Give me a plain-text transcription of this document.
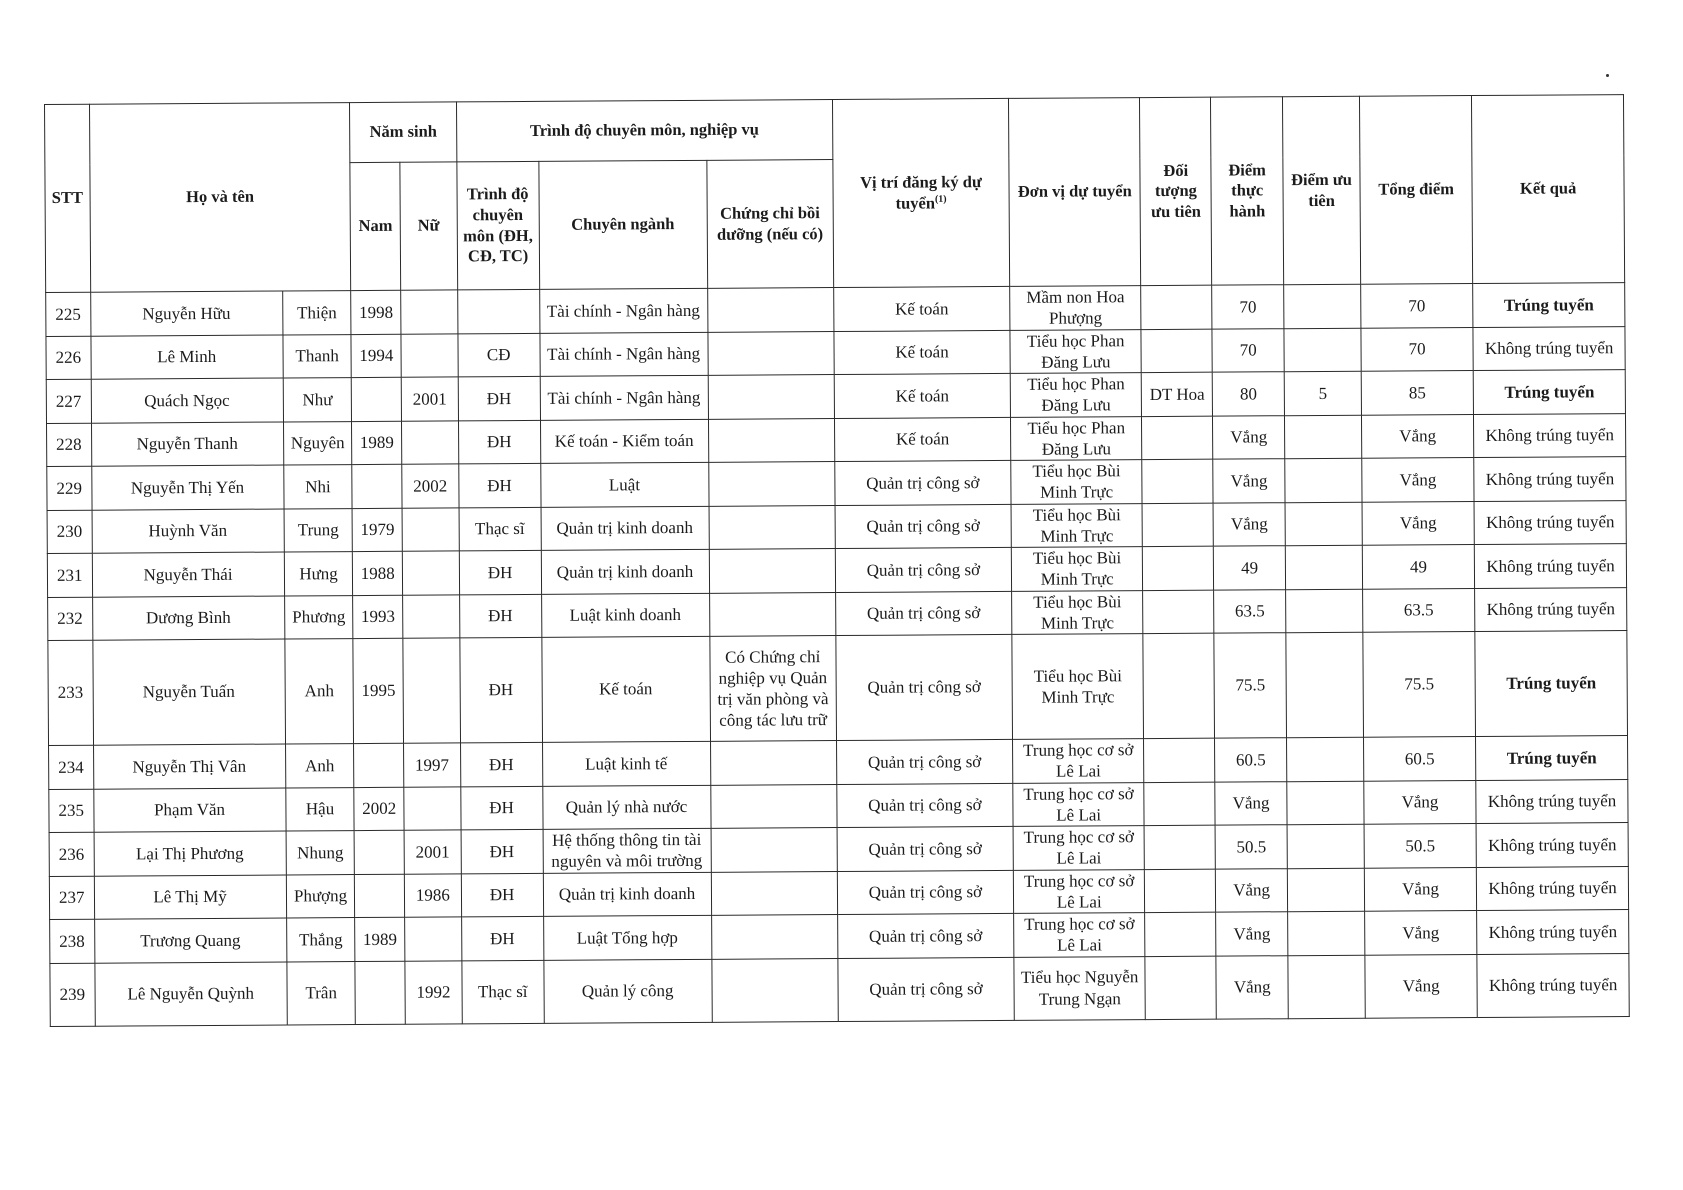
STT	Họ và tên		Năm sinh		Trình độ chuyên môn, nghiệp vụ			Vị trí đăng ký dự tuyển$^{(1)}$	Đơn vị dự tuyển	Đối tượng ưu tiên	Điểm thực hành	Điểm ưu tiên	Tổng điểm	Kết quả
			Nam	Nữ	Trình độ chuyên môn (ĐH, CĐ, TC)	Chuyên ngành	Chứng chỉ bồi dưỡng (nếu có)							
225	Nguyễn Hữu	Thiện	1998			Tài chính - Ngân hàng		Kế toán	Mầm non Hoa Phượng		70		70	Trúng tuyển
226	Lê Minh	Thanh	1994		CĐ	Tài chính - Ngân hàng		Kế toán	Tiểu học Phan Đăng Lưu		70		70	Không trúng tuyển
227	Quách Ngọc	Như		2001	ĐH	Tài chính - Ngân hàng		Kế toán	Tiểu học Phan Đăng Lưu	DT Hoa	80	5	85	Trúng tuyển
228	Nguyễn Thanh	Nguyên	1989		ĐH	Kế toán - Kiểm toán		Kế toán	Tiểu học Phan Đăng Lưu		Vắng		Vắng	Không trúng tuyển
229	Nguyễn Thị Yến	Nhi		2002	ĐH	Luật		Quản trị công sở	Tiểu học Bùi Minh Trực		Vắng		Vắng	Không trúng tuyển
230	Huỳnh Văn	Trung	1979		Thạc sĩ	Quản trị kinh doanh		Quản trị công sở	Tiểu học Bùi Minh Trực		Vắng		Vắng	Không trúng tuyển
231	Nguyễn Thái	Hưng	1988		ĐH	Quản trị kinh doanh		Quản trị công sở	Tiểu học Bùi Minh Trực		49		49	Không trúng tuyển
232	Dương Bình	Phương	1993		ĐH	Luật kinh doanh		Quản trị công sở	Tiểu học Bùi Minh Trực		63.5		63.5	Không trúng tuyển
233	Nguyễn Tuấn	Anh	1995		ĐH	Kế toán	Có Chứng chỉ nghiệp vụ Quản trị văn phòng và công tác lưu trữ	Quản trị công sở	Tiểu học Bùi Minh Trực		75.5		75.5	Trúng tuyển
234	Nguyễn Thị Vân	Anh		1997	ĐH	Luật kinh tế		Quản trị công sở	Trung học cơ sở Lê Lai		60.5		60.5	Trúng tuyển
235	Phạm Văn	Hậu	2002		ĐH	Quản lý nhà nước		Quản trị công sở	Trung học cơ sở Lê Lai		Vắng		Vắng	Không trúng tuyển
236	Lại Thị Phương	Nhung		2001	ĐH	Hệ thống thông tin tài nguyên và môi trường		Quản trị công sở	Trung học cơ sở Lê Lai		50.5		50.5	Không trúng tuyển
237	Lê Thị Mỹ	Phượng		1986	ĐH	Quản trị kinh doanh		Quản trị công sở	Trung học cơ sở Lê Lai		Vắng		Vắng	Không trúng tuyển
238	Trương Quang	Thắng	1989		ĐH	Luật Tổng hợp		Quản trị công sở	Trung học cơ sở Lê Lai		Vắng		Vắng	Không trúng tuyển
239	Lê Nguyễn Quỳnh	Trân		1992	Thạc sĩ	Quản lý công		Quản trị công sở	Tiểu học Nguyễn Trung Ngạn		Vắng		Vắng	Không trúng tuyển
